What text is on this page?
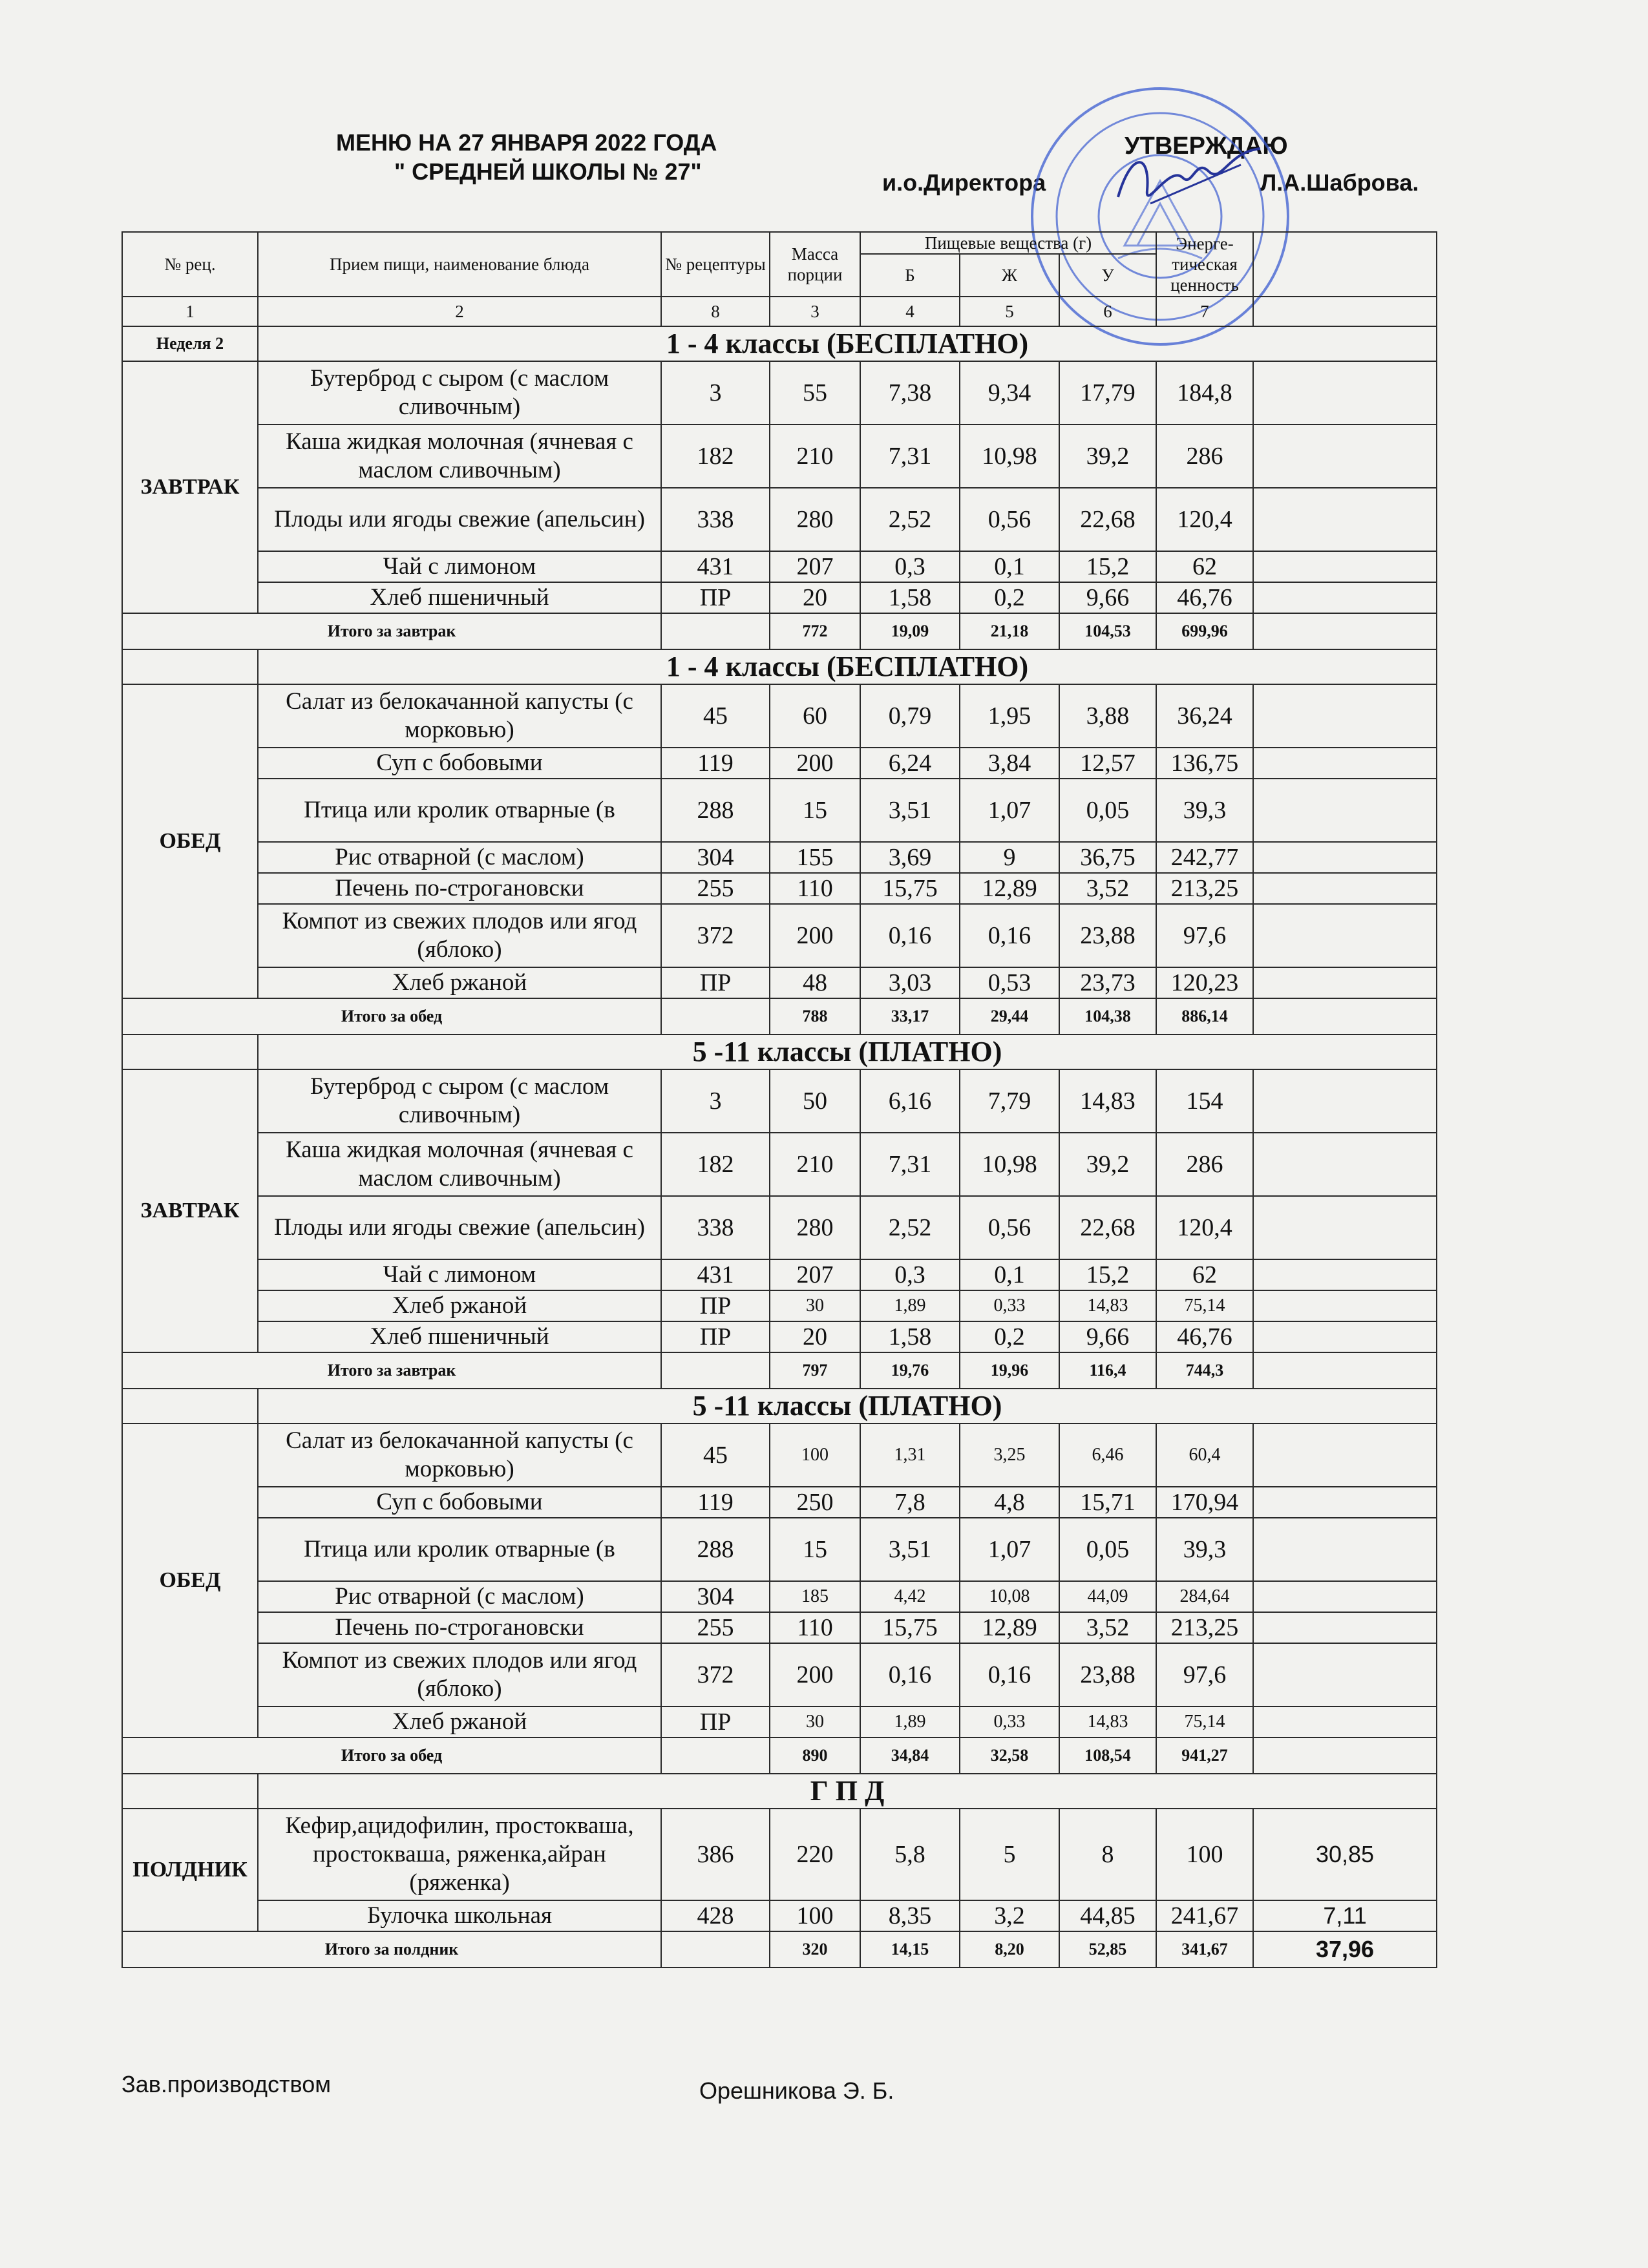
МЕНЮ НА 27 ЯНВАРЯ 2022 ГОДА
" СРЕДНЕЙ ШКОЛЫ № 27"
УТВЕРЖДАЮ
и.о.Директора	Л.А.Шаброва.
№ рец.	Прием пищи, наименование блюда	№ рецептуры	Масса порции	Пищевые вещества (г)			Энерге-тическая ценность	
				Б	Ж	У		
1	2	8	3	4	5	6	7	
Неделя 2	1 - 4 классы (БЕСПЛАТНО)							
ЗАВТРАК	Бутерброд с сыром (с маслом сливочным)	3	55	7,38	9,34	17,79	184,8	
	Каша жидкая молочная (ячневая с маслом сливочным)	182	210	7,31	10,98	39,2	286	
	Плоды или ягоды свежие (апельсин)	338	280	2,52	0,56	22,68	120,4	
	Чай с лимоном	431	207	0,3	0,1	15,2	62	
	Хлеб пшеничный	ПР	20	1,58	0,2	9,66	46,76	
Итого за завтрак			772	19,09	21,18	104,53	699,96	
	1 - 4 классы (БЕСПЛАТНО)							
ОБЕД	Салат из белокачанной капусты (с морковью)	45	60	0,79	1,95	3,88	36,24	
	Суп с бобовыми	119	200	6,24	3,84	12,57	136,75	
	Птица или кролик отварные (в	288	15	3,51	1,07	0,05	39,3	
	Рис отварной (с маслом)	304	155	3,69	9	36,75	242,77	
	Печень по-строгановски	255	110	15,75	12,89	3,52	213,25	
	Компот из свежих плодов или ягод (яблоко)	372	200	0,16	0,16	23,88	97,6	
	Хлеб ржаной	ПР	48	3,03	0,53	23,73	120,23	
Итого за обед			788	33,17	29,44	104,38	886,14	
	5 -11 классы (ПЛАТНО)							
ЗАВТРАК	Бутерброд с сыром (с маслом сливочным)	3	50	6,16	7,79	14,83	154	
	Каша жидкая молочная (ячневая с маслом сливочным)	182	210	7,31	10,98	39,2	286	
	Плоды или ягоды свежие (апельсин)	338	280	2,52	0,56	22,68	120,4	
	Чай с лимоном	431	207	0,3	0,1	15,2	62	
	Хлеб ржаной	ПР	30	1,89	0,33	14,83	75,14	
	Хлеб пшеничный	ПР	20	1,58	0,2	9,66	46,76	
Итого за завтрак			797	19,76	19,96	116,4	744,3	
	5 -11 классы (ПЛАТНО)							
ОБЕД	Салат из белокачанной капусты (с морковью)	45	100	1,31	3,25	6,46	60,4	
	Суп с бобовыми	119	250	7,8	4,8	15,71	170,94	
	Птица или кролик отварные (в	288	15	3,51	1,07	0,05	39,3	
	Рис отварной (с маслом)	304	185	4,42	10,08	44,09	284,64	
	Печень по-строгановски	255	110	15,75	12,89	3,52	213,25	
	Компот из свежих плодов или ягод (яблоко)	372	200	0,16	0,16	23,88	97,6	
	Хлеб ржаной	ПР	30	1,89	0,33	14,83	75,14	
Итого за обед			890	34,84	32,58	108,54	941,27	
	Г П Д							
ПОЛДНИК	Кефир,ацидофилин, простокваша, простокваша, ряженка,айран (ряженка)	386	220	5,8	5	8	100	30,85
	Булочка школьная	428	100	8,35	3,2	44,85	241,67	7,11
Итого за полдник			320	14,15	8,20	52,85	341,67	37,96
Зав.производством	Орешникова Э. Б.
